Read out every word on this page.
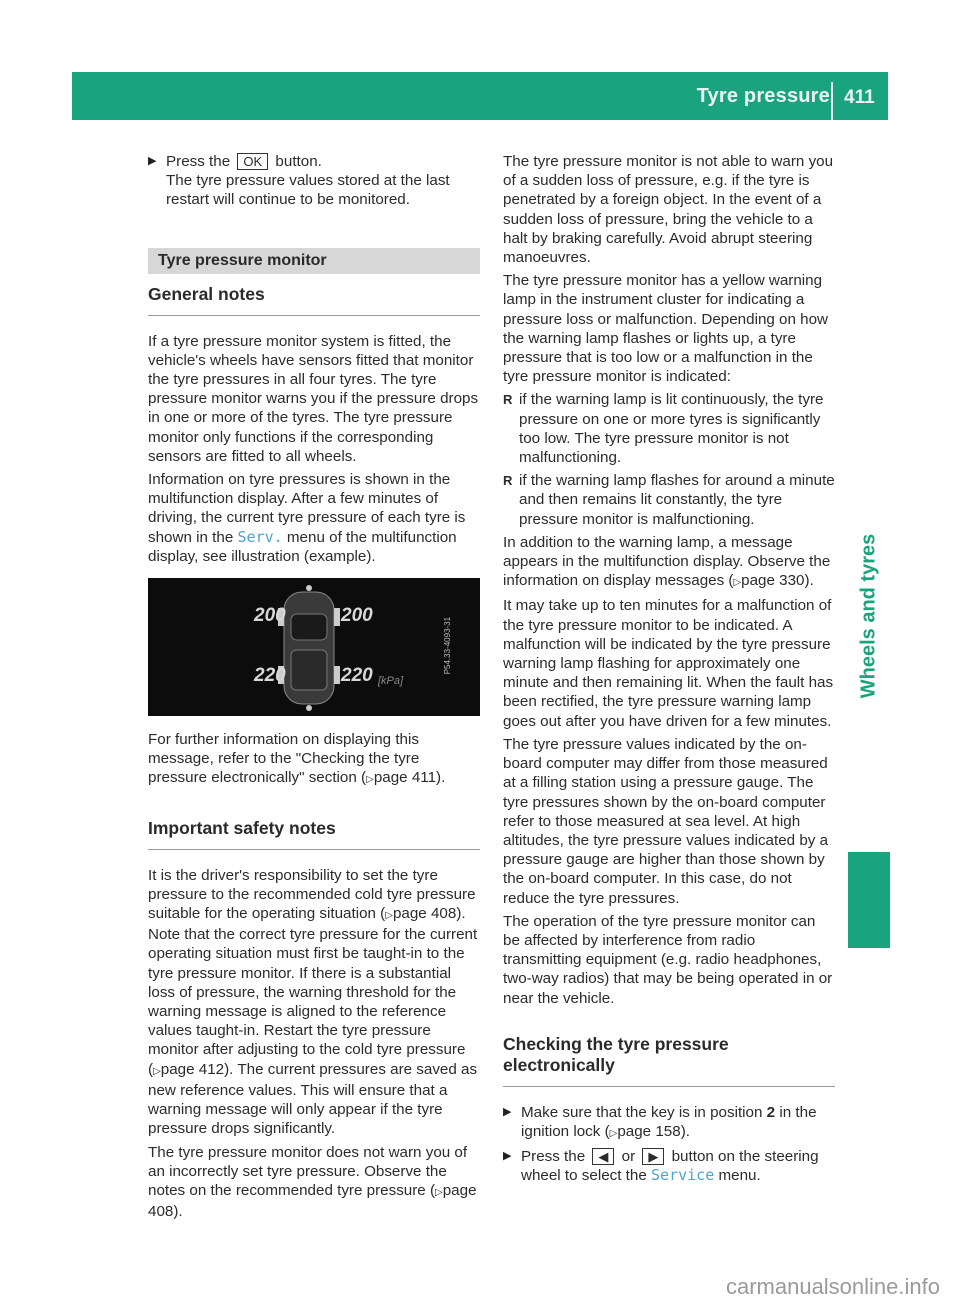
Tyre pressure 411
Wheels and tyres
▶ Press the OK button.
The tyre pressure values stored at the last restart will continue to be monitored.
Tyre pressure monitor
General notes

If a tyre pressure monitor system is fitted, the vehicle's wheels have sensors fitted that monitor the tyre pressures in all four tyres. The tyre pressure monitor warns you if the pressure drops in one or more of the tyres. The tyre pressure monitor only functions if the corresponding sensors are fitted to all wheels.

Information on tyre pressures is shown in the multifunction display. After a few minutes of driving, the current tyre pressure of each tyre is shown in the Serv. menu of the multifunction display, see illustration (example).

200	200
220	220 [kPa]
P54.33-4093-31

For further information on displaying this message, refer to the "Checking the tyre pressure electronically" section (▷page 411).

Important safety notes

It is the driver's responsibility to set the tyre pressure to the recommended cold tyre pressure suitable for the operating situation (▷page 408). Note that the correct tyre pressure for the current operating situation must first be taught-in to the tyre pressure monitor. If there is a substantial loss of pressure, the warning threshold for the warning message is aligned to the reference values taught-in. Restart the tyre pressure monitor after adjusting to the cold tyre pressure (▷page 412). The current pressures are saved as new reference values. This will ensure that a warning message will only appear if the tyre pressure drops significantly.

The tyre pressure monitor does not warn you of an incorrectly set tyre pressure. Observe the notes on the recommended tyre pressure (▷page 408).

The tyre pressure monitor is not able to warn you of a sudden loss of pressure, e.g. if the tyre is penetrated by a foreign object. In the event of a sudden loss of pressure, bring the vehicle to a halt by braking carefully. Avoid abrupt steering manoeuvres.

The tyre pressure monitor has a yellow warning lamp in the instrument cluster for indicating a pressure loss or malfunction. Depending on how the warning lamp flashes or lights up, a tyre pressure that is too low or a malfunction in the tyre pressure monitor is indicated:

R if the warning lamp is lit continuously, the tyre pressure on one or more tyres is significantly too low. The tyre pressure monitor is not malfunctioning.
R if the warning lamp flashes for around a minute and then remains lit constantly, the tyre pressure monitor is malfunctioning.

In addition to the warning lamp, a message appears in the multifunction display. Observe the information on display messages (▷page 330).

It may take up to ten minutes for a malfunction of the tyre pressure monitor to be indicated. A malfunction will be indicated by the tyre pressure warning lamp flashing for approximately one minute and then remaining lit. When the fault has been rectified, the tyre pressure warning lamp goes out after you have driven for a few minutes.

The tyre pressure values indicated by the on-board computer may differ from those measured at a filling station using a pressure gauge. The tyre pressures shown by the on-board computer refer to those measured at sea level. At high altitudes, the tyre pressure values indicated by a pressure gauge are higher than those shown by the on-board computer. In this case, do not reduce the tyre pressures.

The operation of the tyre pressure monitor can be affected by interference from radio transmitting equipment (e.g. radio headphones, two-way radios) that may be being operated in or near the vehicle.

Checking the tyre pressure electronically
▶ Make sure that the key is in position 2 in the ignition lock (▷page 158).
▶ Press the ◀ or ▶ button on the steering wheel to select the Service menu.
carmanualsonline.info
